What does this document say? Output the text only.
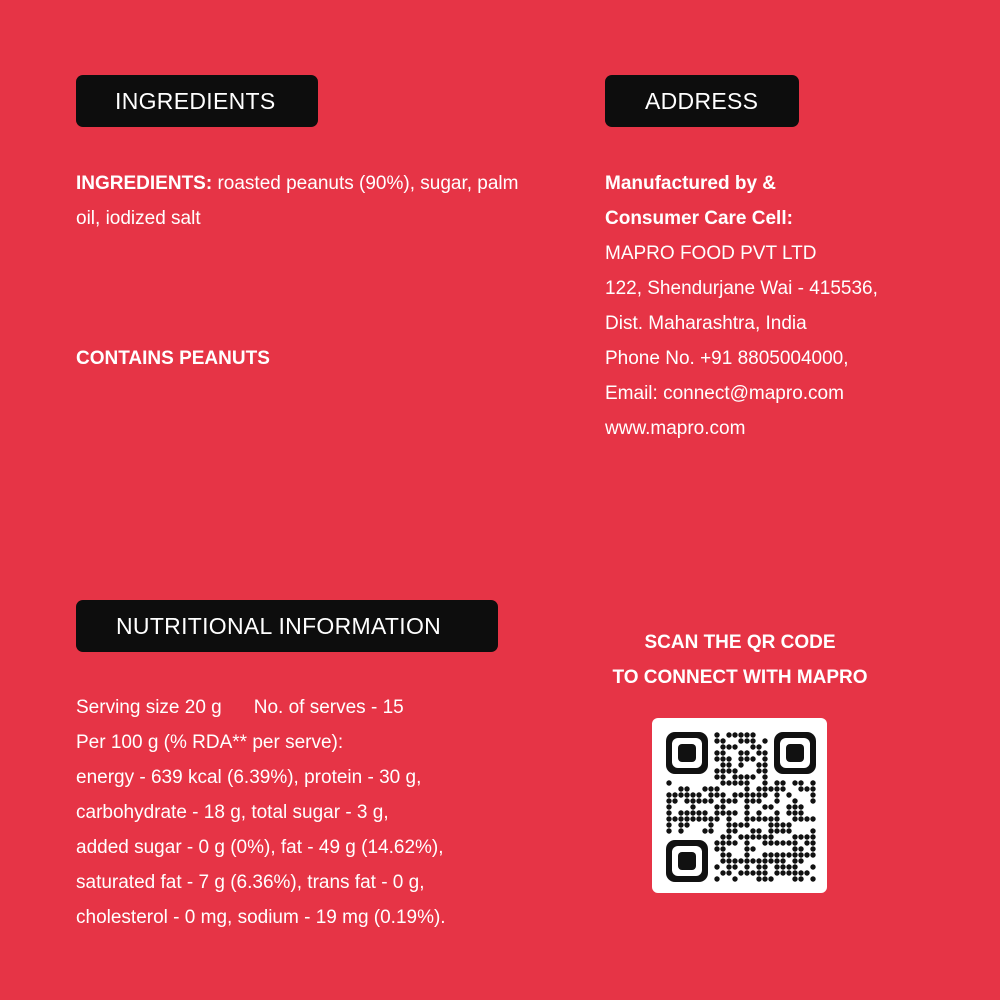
INGREDIENTS
INGREDIENTS: roasted peanuts (90%), sugar, palm oil, iodized salt
CONTAINS PEANUTS
ADDRESS
Manufactured by &
Consumer Care Cell:
MAPRO FOOD PVT LTD
122, Shendurjane Wai - 415536,
Dist. Maharashtra, India
Phone No. +91 8805004000,
Email: connect@mapro.com
www.mapro.com
NUTRITIONAL INFORMATION
Serving size 20 g No. of serves - 15
Per 100 g (% RDA** per serve):
energy - 639 kcal (6.39%), protein - 30 g,
carbohydrate - 18 g, total sugar - 3 g,
added sugar - 0 g (0%), fat - 49 g (14.62%),
saturated fat - 7 g (6.36%), trans fat - 0 g,
cholesterol - 0 mg, sodium - 19 mg (0.19%).
SCAN THE QR CODE
TO CONNECT WITH MAPRO
